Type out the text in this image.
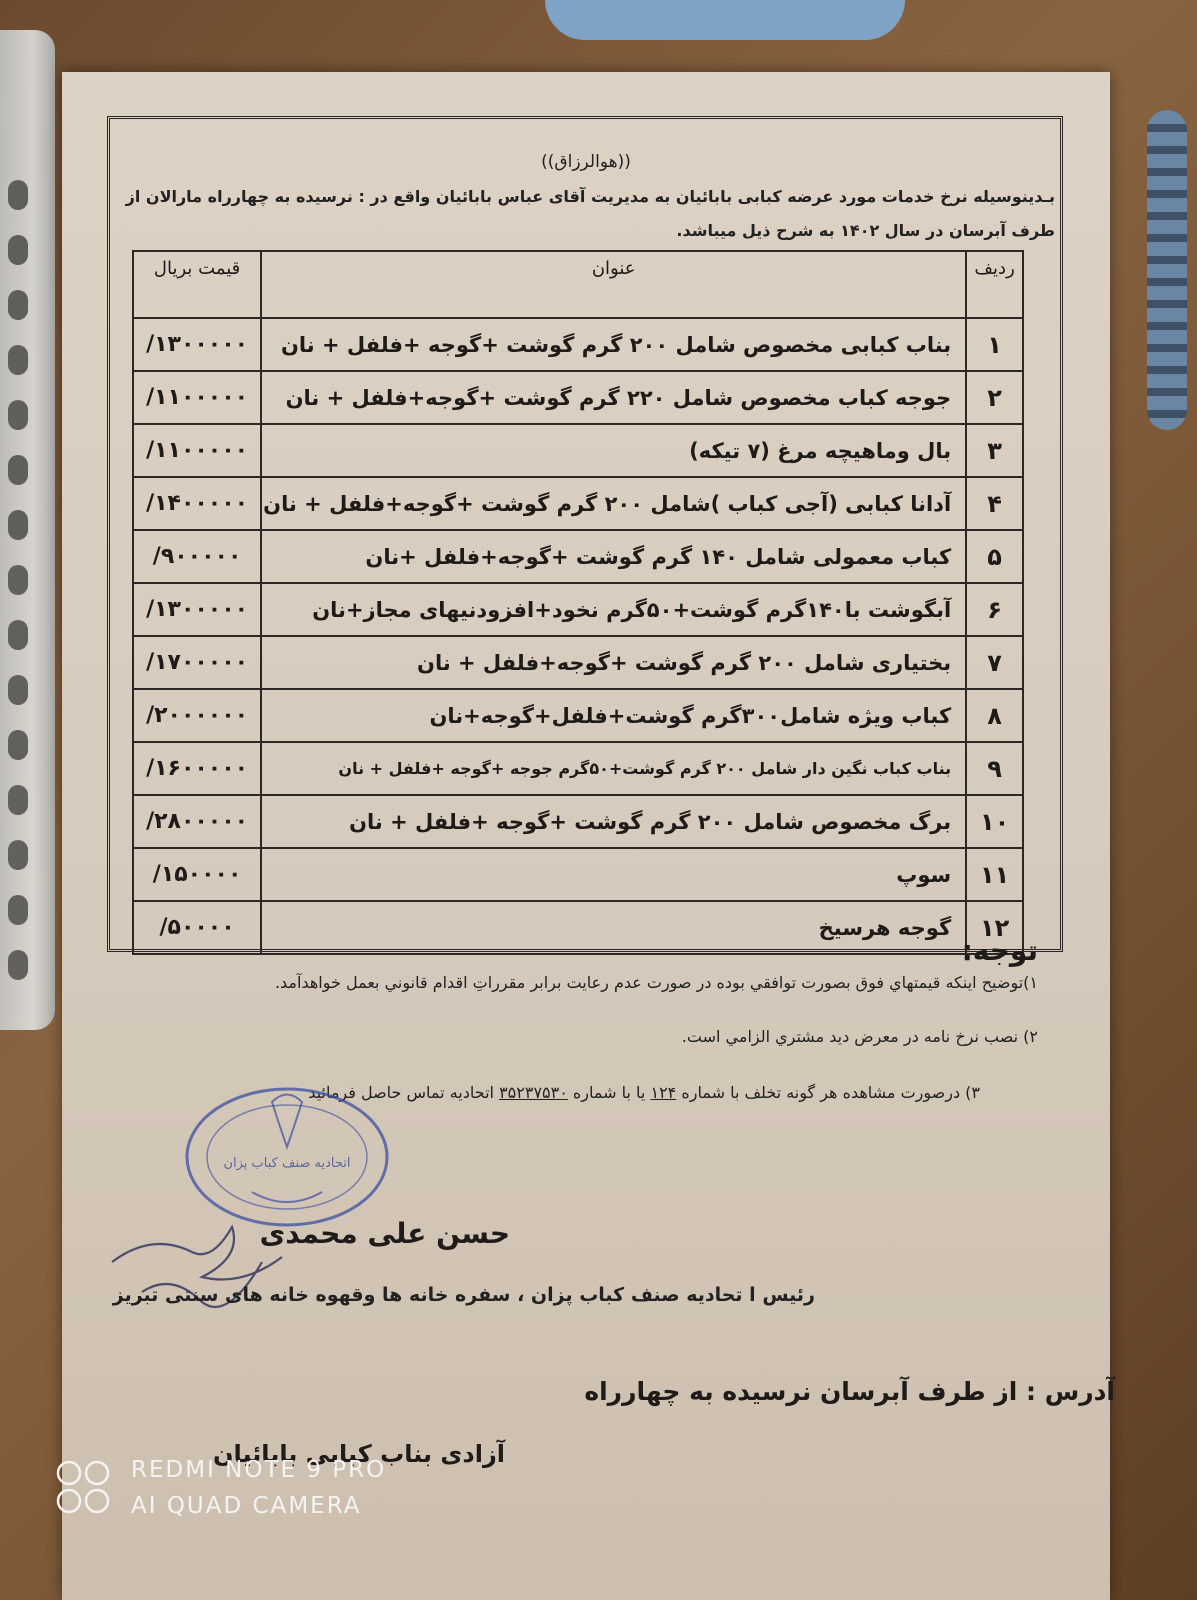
((هوالرزاق))
بـدینوسیله نرخ خدمات مورد عرضه کبابی بابائیان به مدیریت آقای عباس بابائیان واقع در : نرسیده به چهارراه مارالان از طرف آبرسان در سال ۱۴۰۲ به شرح ذیل میباشد.
ردیف	عنوان	قیمت بریال
۱	بناب کبابی مخصوص شامل ۲۰۰ گرم گوشت +گوجه +فلفل + نان	/۱۳۰۰۰۰۰
۲	جوجه کباب مخصوص شامل ۲۲۰ گرم گوشت +گوجه+فلفل + نان	/۱۱۰۰۰۰۰
۳	بال وماهیچه مرغ (۷ تیکه)	/۱۱۰۰۰۰۰
۴	آدانا کبابی (آجی کباب )شامل ۲۰۰ گرم گوشت +گوجه+فلفل + نان	/۱۴۰۰۰۰۰
۵	کباب معمولی شامل ۱۴۰ گرم گوشت +گوجه+فلفل +نان	/۹۰۰۰۰۰
۶	آبگوشت با۱۴۰گرم گوشت+۵۰گرم نخود+افزودنیهای مجاز+نان	/۱۳۰۰۰۰۰
۷	بختیاری شامل ۲۰۰ گرم گوشت +گوجه+فلفل + نان	/۱۷۰۰۰۰۰
۸	کباب ویژه شامل۳۰۰گرم گوشت+فلفل+گوجه+نان	/۲۰۰۰۰۰۰
۹	بناب کباب نگین دار شامل ۲۰۰ گرم گوشت+۵۰گرم جوجه +گوجه +فلفل + نان	/۱۶۰۰۰۰۰
۱۰	برگ مخصوص شامل ۲۰۰ گرم گوشت +گوجه +فلفل + نان	/۲۸۰۰۰۰۰
۱۱	سوپ	/۱۵۰۰۰۰
۱۲	گوجه هرسیخ	/۵۰۰۰۰
توجه:
۱)توضیح اینکه قیمتهاي فوق بصورت توافقي بوده در صورت عدم رعایت برابر مقرراتِ اقدام قانوني بعمل خواهدآمد.
۲) نصب نرخ نامه در معرض دید مشتري الزامي است.
۳) درصورت مشاهده هر گونه تخلف با شماره ۱۲۴ یا با شماره ۳۵۲۳۷۵۳۰ اتحادیه تماس حاصل فرمائید
اتحادیه صنف کباب پزان
حسن علی محمدی
رئیس ا تحادیه صنف کباب پزان ، سفره خانه ها وقهوه خانه های سنتی تبریز
آدرس : از طرف آبرسان نرسیده به چهارراه
آزادی بناب کبابی بابائیان
REDMI NOTE 9 PRO
AI QUAD CAMERA
